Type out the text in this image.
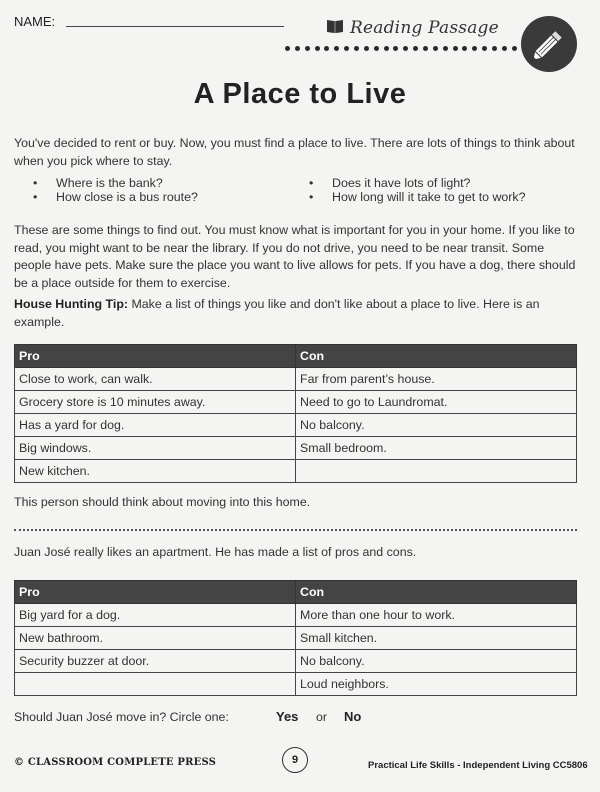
NAME:	Reading Passage
A Place to Live
You've decided to rent or buy. Now, you must find a place to live. There are lots of things to think about when you pick where to stay.
• Where is the bank?
• How close is a bus route?
• Does it have lots of light?
• How long will it take to get to work?
These are some things to find out. You must know what is important for you in your home. If you like to read, you might want to be near the library. If you do not drive, you need to be near transit. Some people have pets. Make sure the place you want to live allows for pets. If you have a dog, there should be a place outside for them to exercise.
House Hunting Tip: Make a list of things you like and don't like about a place to live. Here is an example.
Pro	Con
Close to work, can walk.	Far from parent’s house.
Grocery store is 10 minutes away.	Need to go to Laundromat.
Has a yard for dog.	No balcony.
Big windows.	Small bedroom.
New kitchen.	
This person should think about moving into this home.
Juan José really likes an apartment. He has made a list of pros and cons.
Pro	Con
Big yard for a dog.	More than one hour to work.
New bathroom.	Small kitchen.
Security buzzer at door.	No balcony.
	Loud neighbors.
Should Juan José move in? Circle one:	Yes or No
© CLASSROOM COMPLETE PRESS	9	Practical Life Skills - Independent Living CC5806
